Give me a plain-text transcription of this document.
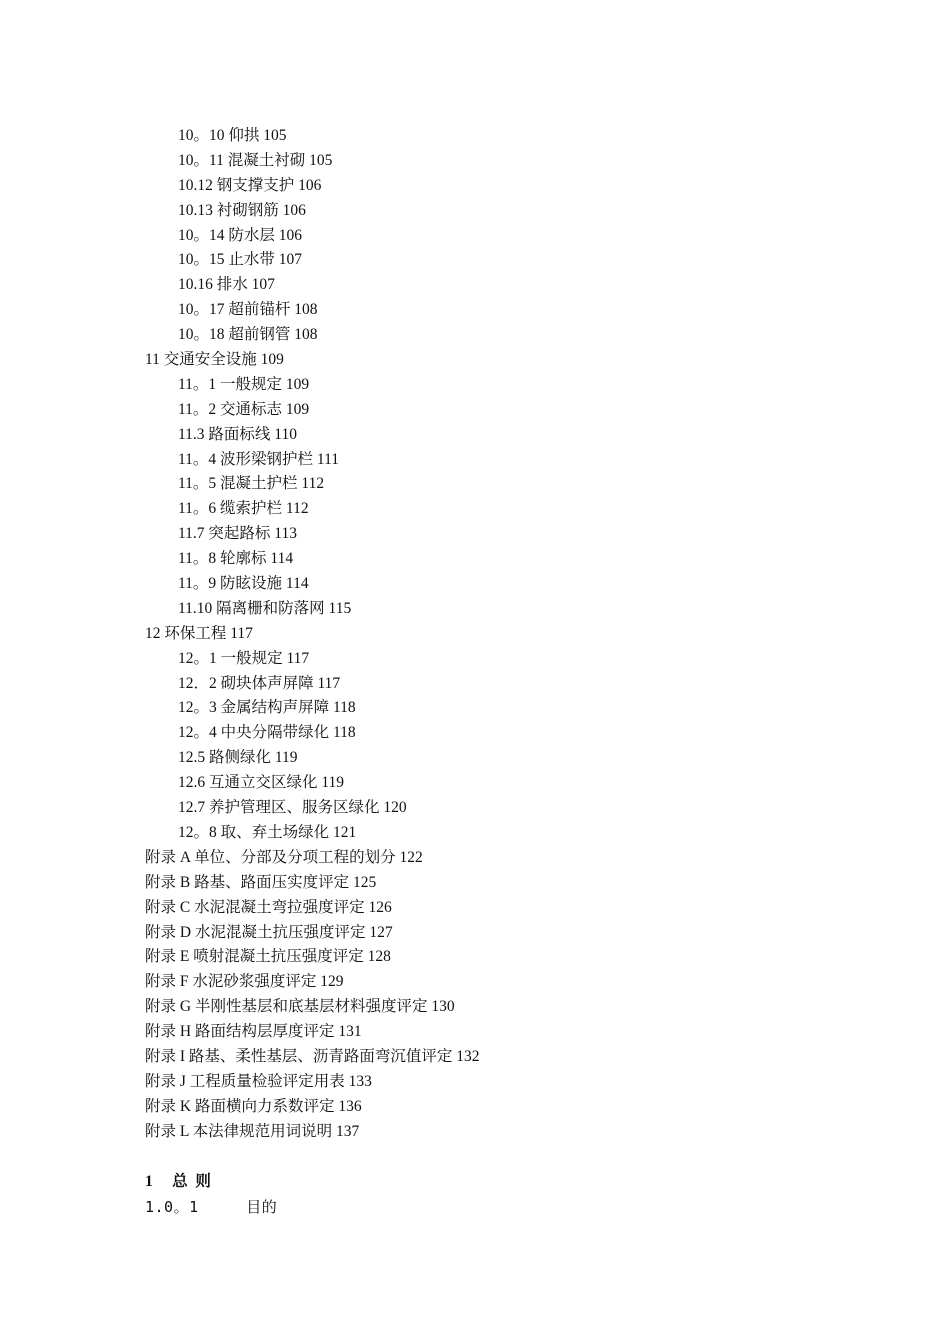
10。10 仰拱 105
10。11 混凝土衬砌 105
10.12 钢支撑支护 106
10.13 衬砌钢筋 106
10。14 防水层 106
10。15 止水带 107
10.16 排水 107
10。17 超前锚杆 108
10。18 超前钢管 108
11 交通安全设施 109
11。1 一般规定 109
11。2 交通标志 109
11.3 路面标线 110
11。4 波形梁钢护栏 111
11。5 混凝土护栏 112
11。6 缆索护栏 112
11.7 突起路标 113
11。8 轮廓标 114
11。9 防眩设施 114
11.10 隔离栅和防落网 115
12 环保工程 117
12。1 一般规定 117
12．2 砌块体声屏障 117
12。3 金属结构声屏障 118
12。4 中央分隔带绿化 118
12.5 路侧绿化 119
12.6 互通立交区绿化 119
12.7 养护管理区、服务区绿化 120
12。8 取、弃土场绿化 121
附录 A 单位、分部及分项工程的划分 122
附录 B 路基、路面压实度评定 125
附录 C 水泥混凝土弯拉强度评定 126
附录 D 水泥混凝土抗压强度评定 127
附录 E 喷射混凝土抗压强度评定 128
附录 F 水泥砂浆强度评定 129
附录 G 半刚性基层和底基层材料强度评定 130
附录 H 路面结构层厚度评定 131
附录 I 路基、柔性基层、沥青路面弯沉值评定 132
附录 J 工程质量检验评定用表 133
附录 K 路面横向力系数评定 136
附录 L 本法律规范用词说明 137
1     总  则
1.0。1     目的
